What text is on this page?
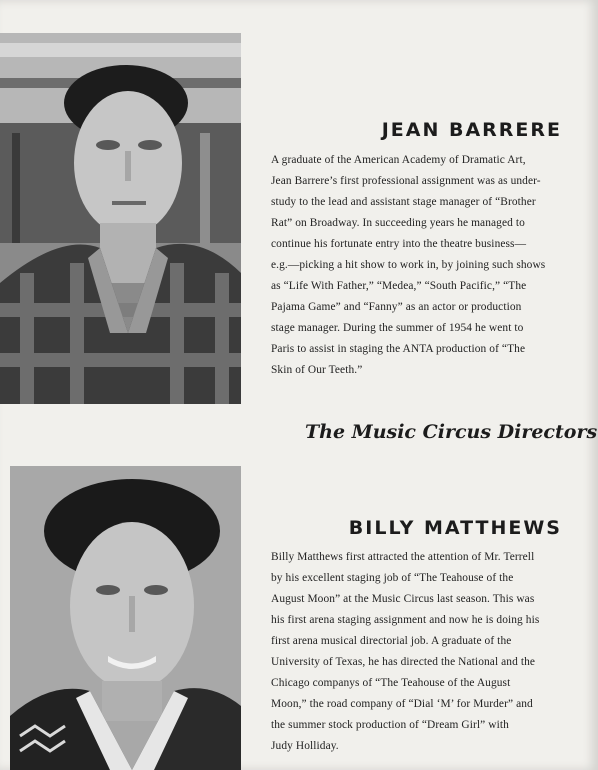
JEAN BARRERE

A graduate of the American Academy of Dramatic Art,
Jean Barrere’s first professional assignment was as under-
study to the lead and assistant stage manager of “Brother
Rat” on Broadway. In succeeding years he managed to
continue his fortunate entry into the theatre business—
e.g.—picking a hit show to work in, by joining such shows
as “Life With Father,” “Medea,” “South Pacific,” “The
Pajama Game” and “Fanny” as an actor or production
stage manager. During the summer of 1954 he went to
Paris to assist in staging the ANTA production of “The
Skin of Our Teeth.”

The Music Circus Directors
BILLY MATTHEWS

Billy Matthews first attracted the attention of Mr. Terrell
by his excellent staging job of “The Teahouse of the
August Moon” at the Music Circus last season. This was
his first arena staging assignment and now he is doing his
first arena musical directorial job. A graduate of the
University of Texas, he has directed the National and the
Chicago companys of “The Teahouse of the August
Moon,” the road company of “Dial ‘M’ for Murder” and
the summer stock production of “Dream Girl” with
Judy Holliday.
